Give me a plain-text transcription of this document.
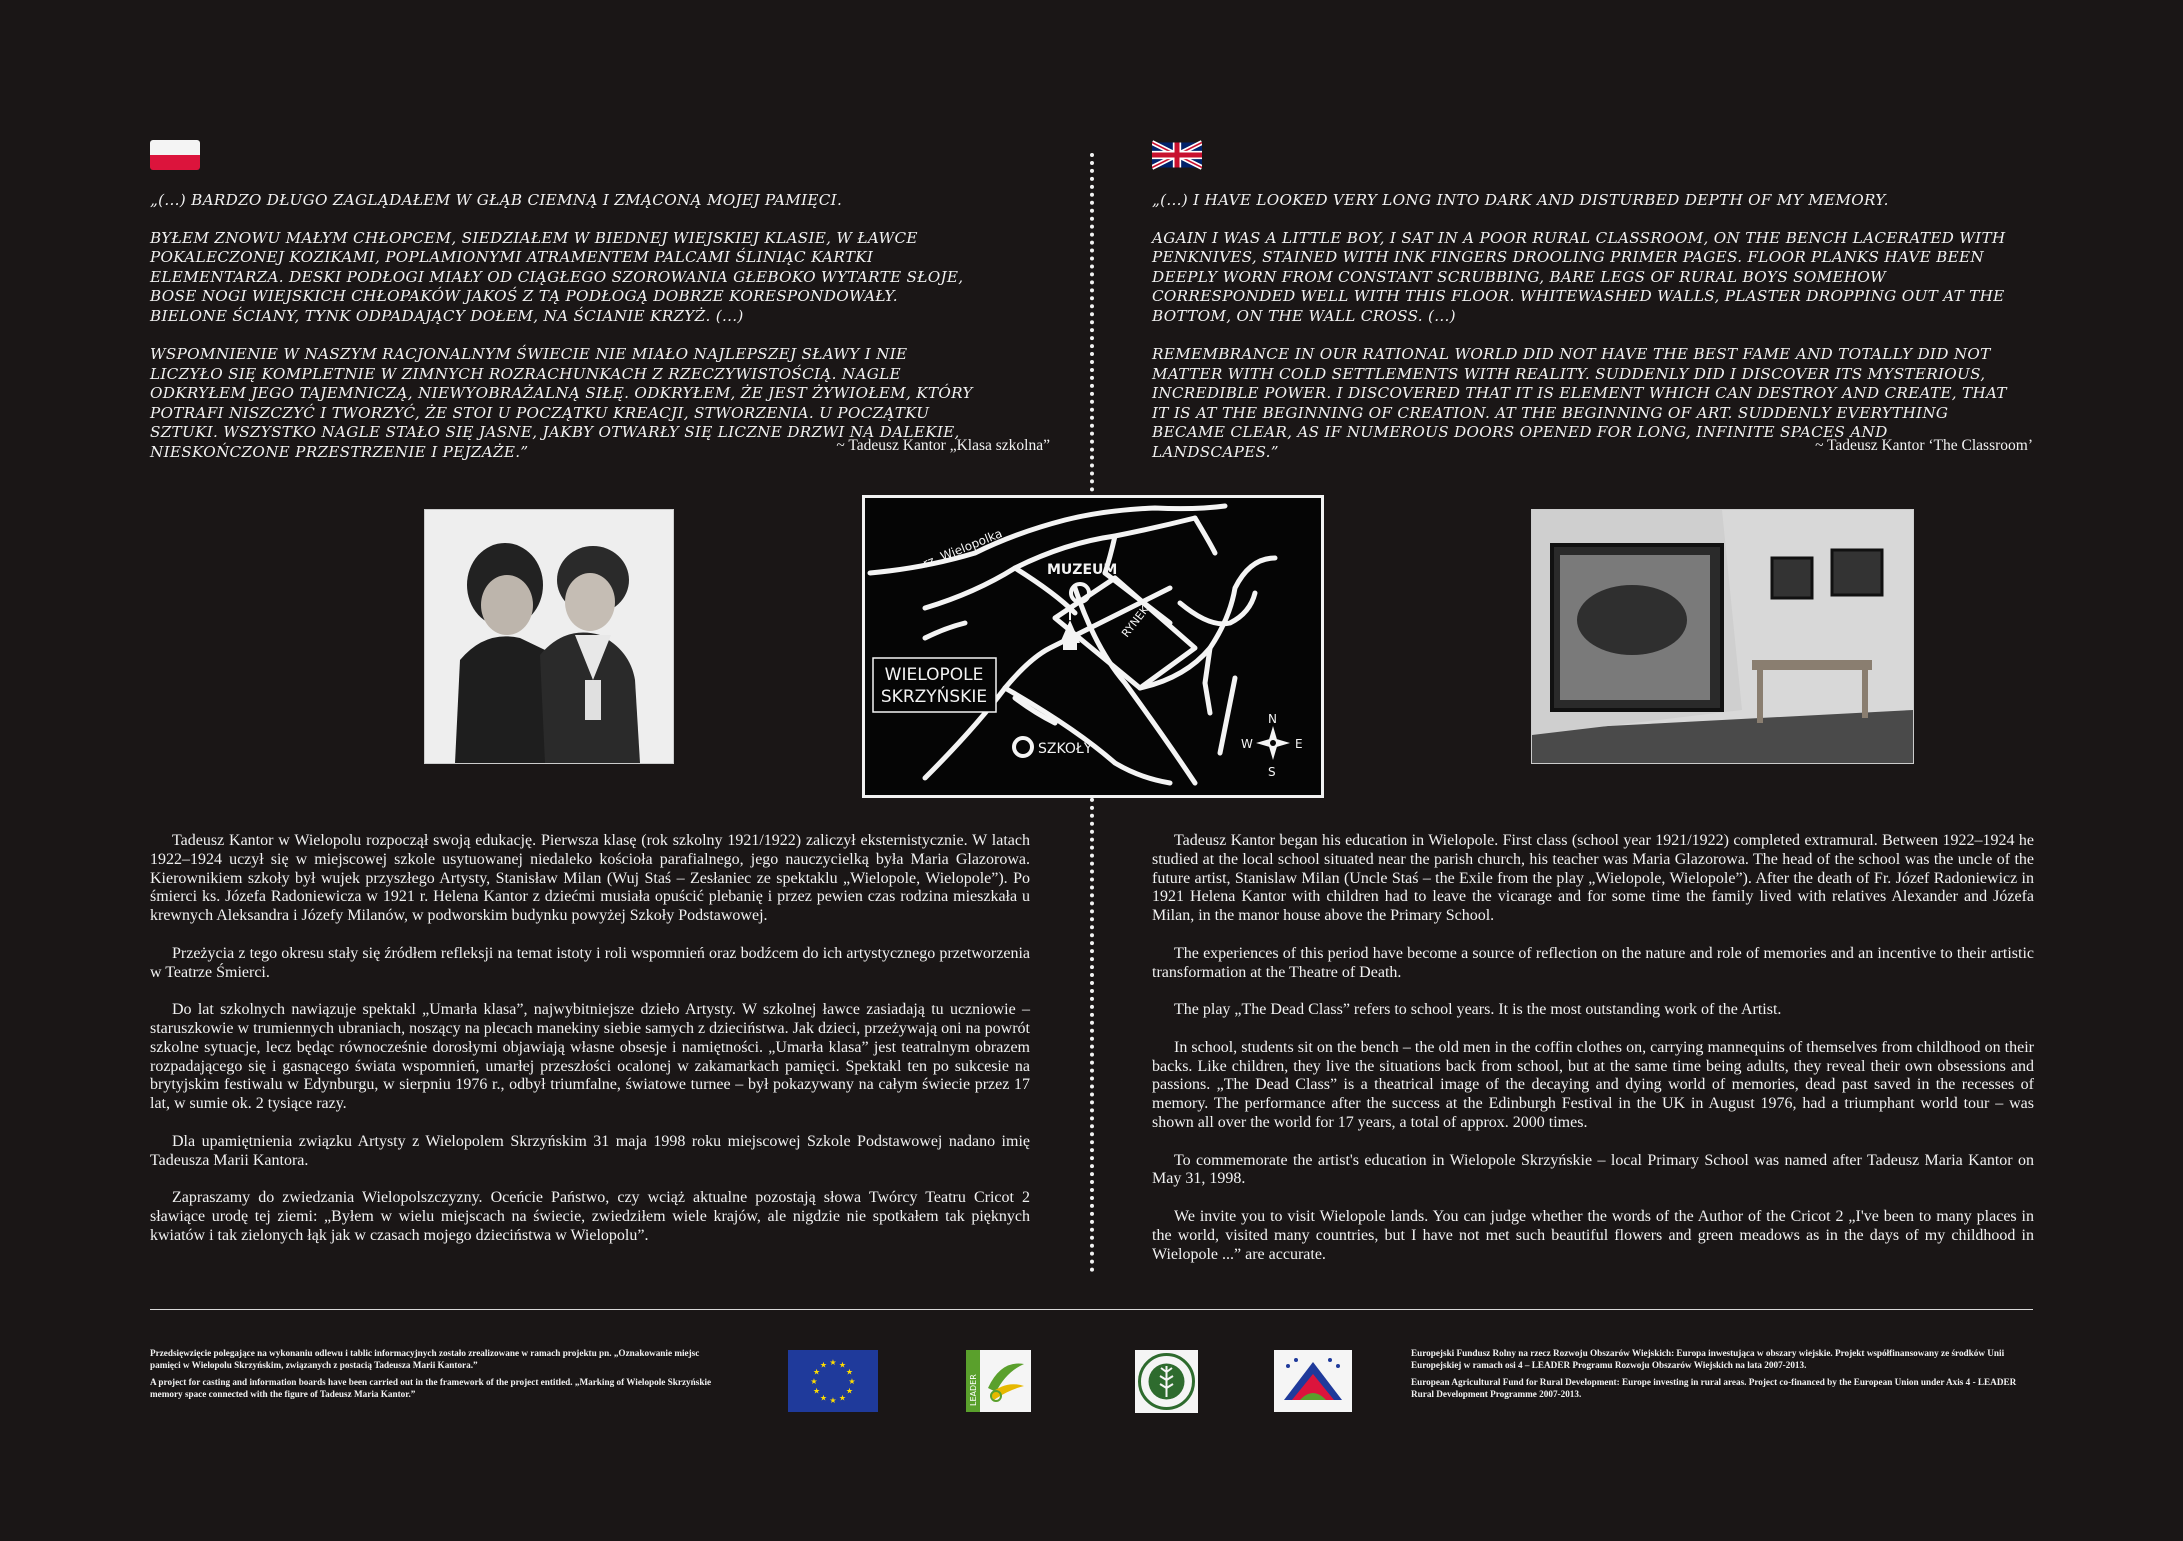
„(...) BARDZO DŁUGO ZAGLĄDAŁEM W GŁĄB CIEMNĄ I ZMĄCONĄ MOJEJ PAMIĘCI.

BYŁEM ZNOWU MAŁYM CHŁOPCEM, SIEDZIAŁEM W BIEDNEJ WIEJSKIEJ KLASIE, W ŁAWCE POKALECZONEJ KOZIKAMI, POPLAMIONYMI ATRAMENTEM PALCAMI ŚLINIĄC KARTKI ELEMENTARZA. DESKI PODŁOGI MIAŁY OD CIĄGŁEGO SZOROWANIA GŁEBOKO WYTARTE SŁOJE, BOSE NOGI WIEJSKICH CHŁOPAKÓW JAKOŚ Z TĄ PODŁOGĄ DOBRZE KORESPONDOWAŁY. BIELONE ŚCIANY, TYNK ODPADAJĄCY DOŁEM, NA ŚCIANIE KRZYŻ. (...)

WSPOMNIENIE W NASZYM RACJONALNYM ŚWIECIE NIE MIAŁO NAJLEPSZEJ SŁAWY I NIE LICZYŁO SIĘ KOMPLETNIE W ZIMNYCH ROZRACHUNKACH Z RZECZYWISTOŚCIĄ. NAGLE ODKRYŁEM JEGO TAJEMNICZĄ, NIEWYOBRAŻALNĄ SIŁĘ. ODKRYŁEM, ŻE JEST ŻYWIOŁEM, KTÓRY POTRAFI NISZCZYĆ I TWORZYĆ, ŻE STOI U POCZĄTKU KREACJI, STWORZENIA. U POCZĄTKU SZTUKI. WSZYSTKO NAGLE STAŁO SIĘ JASNE, JAKBY OTWARŁY SIĘ LICZNE DRZWI NA DALEKIE, NIESKOŃCZONE PRZESTRZENIE I PEJZAŻE.”	~ Tadeusz Kantor „Klasa szkolna”

„(...) I HAVE LOOKED VERY LONG INTO DARK AND DISTURBED DEPTH OF MY MEMORY.

AGAIN I WAS A LITTLE BOY, I SAT IN A POOR RURAL CLASSROOM, ON THE BENCH LACERATED WITH PENKNIVES, STAINED WITH INK FINGERS DROOLING PRIMER PAGES. FLOOR PLANKS HAVE BEEN DEEPLY WORN FROM CONSTANT SCRUBBING, BARE LEGS OF RURAL BOYS SOMEHOW CORRESPONDED WELL WITH THIS FLOOR. WHITEWASHED WALLS, PLASTER DROPPING OUT AT THE BOTTOM, ON THE WALL CROSS. (...)

REMEMBRANCE IN OUR RATIONAL WORLD DID NOT HAVE THE BEST FAME AND TOTALLY DID NOT MATTER WITH COLD SETTLEMENTS WITH REALITY. SUDDENLY DID I DISCOVER ITS MYSTERIOUS, INCREDIBLE POWER. I DISCOVERED THAT IT IS ELEMENT WHICH CAN DESTROY AND CREATE, THAT IT IS AT THE BEGINNING OF CREATION. AT THE BEGINNING OF ART. SUDDENLY EVERYTHING BECAME CLEAR, AS IF NUMEROUS DOORS OPENED FOR LONG, INFINITE SPACES AND LANDSCAPES.”	~ Tadeusz Kantor ‘The Classroom’
rz. Wielopolka	MUZEUM
RYNEK
WIELOPOLE
SKRZYŃSKIE
SZKOŁY
N
S
W	E

Tadeusz Kantor w Wielopolu rozpoczął swoją edukację. Pierwsza klasę (rok szkolny 1921/1922) zaliczył eksternistycznie. W latach 1922–1924 uczył się w miejscowej szkole usytuowanej niedaleko kościoła parafialnego, jego nauczycielką była Maria Glazorowa. Kierownikiem szkoły był wujek przyszłego Artysty, Stanisław Milan (Wuj Staś – Zesłaniec ze spektaklu „Wielopole, Wielopole”). Po śmierci ks. Józefa Radoniewicza w 1921 r. Helena Kantor z dziećmi musiała opuścić plebanię i przez pewien czas rodzina mieszkała u krewnych Aleksandra i Józefy Milanów, w podworskim budynku powyżej Szkoły Podstawowej.

Przeżycia z tego okresu stały się źródłem refleksji na temat istoty i roli wspomnień oraz bodźcem do ich artystycznego przetworzenia w Teatrze Śmierci.

Do lat szkolnych nawiązuje spektakl „Umarła klasa”, najwybitniejsze dzieło Artysty. W szkolnej ławce zasiadają tu uczniowie – staruszkowie w trumiennych ubraniach, noszący na plecach manekiny siebie samych z dzieciństwa. Jak dzieci, przeżywają oni na powrót szkolne sytuacje, lecz będąc równocześnie dorosłymi objawiają własne obsesje i namiętności. „Umarła klasa” jest teatralnym obrazem rozpadającego się i gasnącego świata wspomnień, umarłej przeszłości ocalonej w zakamarkach pamięci. Spektakl ten po sukcesie na brytyjskim festiwalu w Edynburgu, w sierpniu 1976 r., odbył triumfalne, światowe turnee – był pokazywany na całym świecie przez 17 lat, w sumie ok. 2 tysiące razy.

Dla upamiętnienia związku Artysty z Wielopolem Skrzyńskim 31 maja 1998 roku miejscowej Szkole Podstawowej nadano imię Tadeusza Marii Kantora.

Zapraszamy do zwiedzania Wielopolszczyzny. Oceńcie Państwo, czy wciąż aktualne pozostają słowa Twórcy Teatru Cricot 2 sławiące urodę tej ziemi: „Byłem w wielu miejscach na świecie, zwiedziłem wiele krajów, ale nigdzie nie spotkałem tak pięknych kwiatów i tak zielonych łąk jak w czasach mojego dzieciństwa w Wielopolu”.

Tadeusz Kantor began his education in Wielopole. First class (school year 1921/1922) completed extramural. Between 1922–1924 he studied at the local school situated near the parish church, his teacher was Maria Glazorowa. The head of the school was the uncle of the future artist, Stanislaw Milan (Uncle Staś – the Exile from the play „Wielopole, Wielopole”). After the death of Fr. Józef Radoniewicz in 1921 Helena Kantor with children had to leave the vicarage and for some time the family lived with relatives Alexander and Józefa Milan, in the manor house above the Primary School.

The experiences of this period have become a source of reflection on the nature and role of memories and an incentive to their artistic transformation at the Theatre of Death.

The play „The Dead Class” refers to school years. It is the most outstanding work of the Artist.

In school, students sit on the bench – the old men in the coffin clothes on, carrying mannequins of themselves from childhood on their backs. Like children, they live the situations back from school, but at the same time being adults, they reveal their own obsessions and passions. „The Dead Class” is a theatrical image of the decaying and dying world of memories, dead past saved in the recesses of memory. The performance after the success at the Edinburgh Festival in the UK in August 1976, had a triumphant world tour – was shown all over the world for 17 years, a total of approx. 2000 times.

To commemorate the artist's education in Wielopole Skrzyńskie – local Primary School was named after Tadeusz Maria Kantor on May 31, 1998.

We invite you to visit Wielopole lands. You can judge whether the words of the Author of the Cricot 2 „I've been to many places in the world, visited many countries, but I have not met such beautiful flowers and green meadows as in the days of my childhood in Wielopole ...” are accurate.

Przedsięwzięcie polegające na wykonaniu odlewu i tablic informacyjnych zostało zrealizowane w ramach projektu pn. „Oznakowanie miejsc pamięci w Wielopolu Skrzyńskim, związanych z postacią Tadeusza Marii Kantora.”

A project for casting and information boards have been carried out in the framework of the project entitled. „Marking of Wielopole Skrzyńskie memory space connected with the figure of Tadeusz Maria Kantor.”

★ ★
★
★
★
★
★
★
★
★
★
★
LEADER

Europejski Fundusz Rolny na rzecz Rozwoju Obszarów Wiejskich: Europa inwestująca w obszary wiejskie. Projekt współfinansowany ze środków Unii Europejskiej w ramach osi 4 – LEADER Programu Rozwoju Obszarów Wiejskich na lata 2007-2013.

European Agricultural Fund for Rural Development: Europe investing in rural areas. Project co-financed by the European Union under Axis 4 - LEADER Rural Development Programme 2007-2013.
